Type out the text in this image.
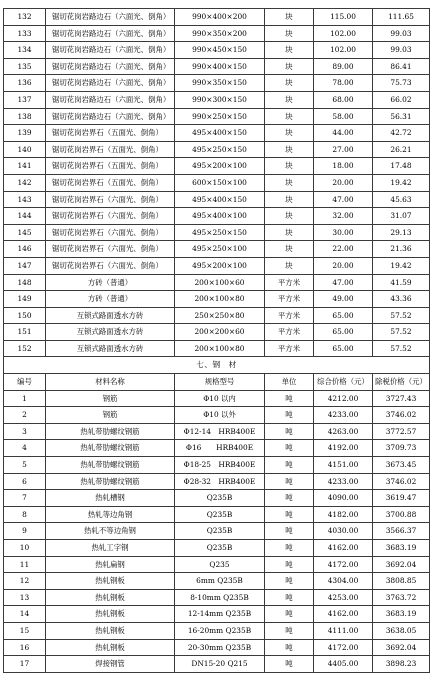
132	锯切花岗岩路边石（六面光、倒角）	990×400×200	块	115.00	111.65
133	锯切花岗岩路边石（六面光、倒角）	990×350×200	块	102.00	99.03
134	锯切花岗岩路边石（六面光、倒角）	990×450×150	块	102.00	99.03
135	锯切花岗岩路边石（六面光、倒角）	990×400×150	块	89.00	86.41
136	锯切花岗岩路边石（六面光、倒角）	990×350×150	块	78.00	75.73
137	锯切花岗岩路边石（六面光、倒角）	990×300×150	块	68.00	66.02
138	锯切花岗岩路边石（六面光、倒角）	990×250×150	块	58.00	56.31
139	锯切花岗岩界石（五面光、倒角）	495×400×150	块	44.00	42.72
140	锯切花岗岩界石（五面光、倒角）	495×250×150	块	27.00	26.21
141	锯切花岗岩界石（五面光、倒角）	495×200×100	块	18.00	17.48
142	锯切花岗岩界石（五面光、倒角）	600×150×100	块	20.00	19.42
143	锯切花岗岩界石（六面光、倒角）	495×400×150	块	47.00	45.63
144	锯切花岗岩界石（六面光、倒角）	495×400×100	块	32.00	31.07
145	锯切花岗岩界石（六面光、倒角）	495×250×150	块	30.00	29.13
146	锯切花岗岩界石（六面光、倒角）	495×250×100	块	22.00	21.36
147	锯切花岗岩界石（六面光、倒角）	495×200×100	块	20.00	19.42
148	方砖（普通）	200×100×60	平方米	47.00	41.59
149	方砖（普通）	200×100×80	平方米	49.00	43.36
150	互锁式路面透水方砖	250×250×80	平方米	65.00	57.52
151	互锁式路面透水方砖	200×200×60	平方米	65.00	57.52
152	互锁式路面透水方砖	200×100×80	平方米	65.00	57.52
七、钢　材					
编号	材料名称	规格型号	单位	综合价格（元）	除税价格（元）
1	钢筋	Φ10 以内	吨	4212.00	3727.43
2	钢筋	Φ10 以外	吨	4233.00	3746.02
3	热轧带肋螺纹钢筋	Φ12-14　HRB400E	吨	4263.00	3772.57
4	热轧带肋螺纹钢筋	Φ16　　HRB400E	吨	4192.00	3709.73
5	热轧带肋螺纹钢筋	Φ18-25　HRB400E	吨	4151.00	3673.45
6	热轧带肋螺纹钢筋	Φ28-32　HRB400E	吨	4233.00	3746.02
7	热轧槽钢	Q235B	吨	4090.00	3619.47
8	热轧等边角钢	Q235B	吨	4182.00	3700.88
9	热轧不等边角钢	Q235B	吨	4030.00	3566.37
10	热轧工字钢	Q235B	吨	4162.00	3683.19
11	热轧扁钢	Q235	吨	4172.00	3692.04
12	热轧钢板	6mm Q235B	吨	4304.00	3808.85
13	热轧钢板	8-10mm Q235B	吨	4253.00	3763.72
14	热轧钢板	12-14mm Q235B	吨	4162.00	3683.19
15	热轧钢板	16-20mm Q235B	吨	4111.00	3638.05
16	热轧钢板	20-30mm Q235B	吨	4172.00	3692.04
17	焊接钢管	DN15-20 Q215	吨	4405.00	3898.23
